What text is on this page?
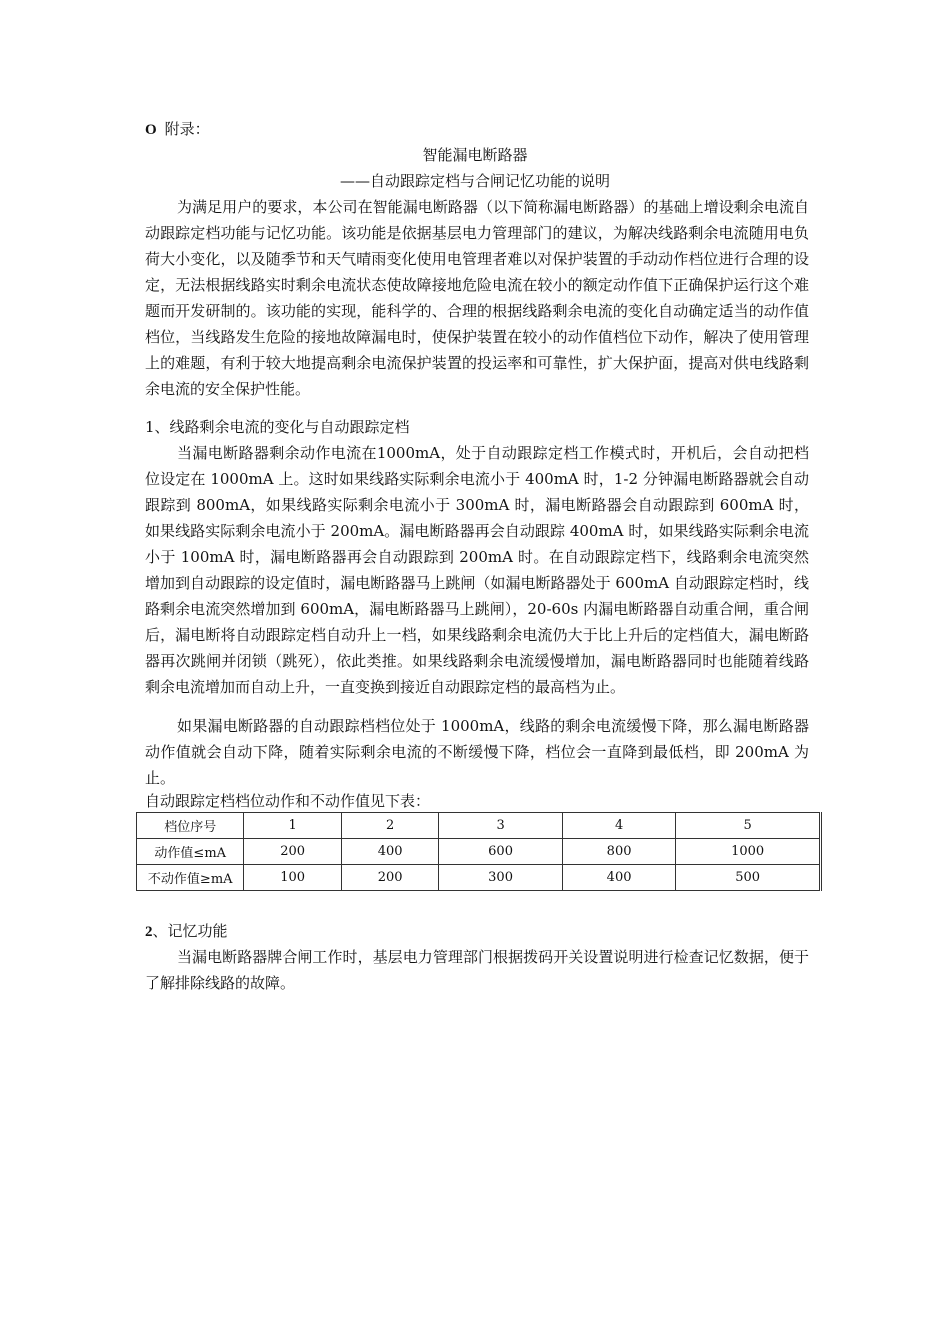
O 附录：
智能漏电断路器
——自动跟踪定档与合闸记忆功能的说明

为满足用户的要求，本公司在智能漏电断路器（以下简称漏电断路器）的基础上增设剩余电流自动跟踪定档功能与记忆功能。该功能是依据基层电力管理部门的建议，为解决线路剩余电流随用电负荷大小变化，以及随季节和天气晴雨变化使用电管理者难以对保护装置的手动动作档位进行合理的设定，无法根据线路实时剩余电流状态使故障接地危险电流在较小的额定动作值下正确保护运行这个难题而开发研制的。该功能的实现，能科学的、合理的根据线路剩余电流的变化自动确定适当的动作值档位，当线路发生危险的接地故障漏电时，使保护装置在较小的动作值档位下动作，解决了使用管理上的难题，有利于较大地提高剩余电流保护装置的投运率和可靠性，扩大保护面，提高对供电线路剩余电流的安全保护性能。

1、线路剩余电流的变化与自动跟踪定档

当漏电断路器剩余动作电流在1000mA，处于自动跟踪定档工作模式时，开机后，会自动把档位设定在 1000mA 上。这时如果线路实际剩余电流小于 400mA 时，1-2 分钟漏电断路器就会自动跟踪到 800mA，如果线路实际剩余电流小于 300mA 时，漏电断路器会自动跟踪到 600mA 时，如果线路实际剩余电流小于 200mA。漏电断路器再会自动跟踪 400mA 时，如果线路实际剩余电流小于 100mA 时，漏电断路器再会自动跟踪到 200mA 时。在自动跟踪定档下，线路剩余电流突然增加到自动跟踪的设定值时，漏电断路器马上跳闸（如漏电断路器处于 600mA 自动跟踪定档时，线路剩余电流突然增加到 600mA，漏电断路器马上跳闸），20-60s 内漏电断路器自动重合闸，重合闸后，漏电断将自动跟踪定档自动升上一档，如果线路剩余电流仍大于比上升后的定档值大，漏电断路器再次跳闸并闭锁（跳死），依此类推。如果线路剩余电流缓慢增加，漏电断路器同时也能随着线路剩余电流增加而自动上升，一直变换到接近自动跟踪定档的最高档为止。

如果漏电断路器的自动跟踪档档位处于 1000mA，线路的剩余电流缓慢下降，那么漏电断路器动作值就会自动下降，随着实际剩余电流的不断缓慢下降，档位会一直降到最低档，即 200mA 为止。

自动跟踪定档档位动作和不动作值见下表：
档位序号	1	2	3	4	5
动作值≤mA	200	400	600	800	1000
不动作值≥mA	100	200	300	400	500
2、记忆功能

当漏电断路器牌合闸工作时，基层电力管理部门根据拨码开关设置说明进行检查记忆数据，便于了解排除线路的故障。
